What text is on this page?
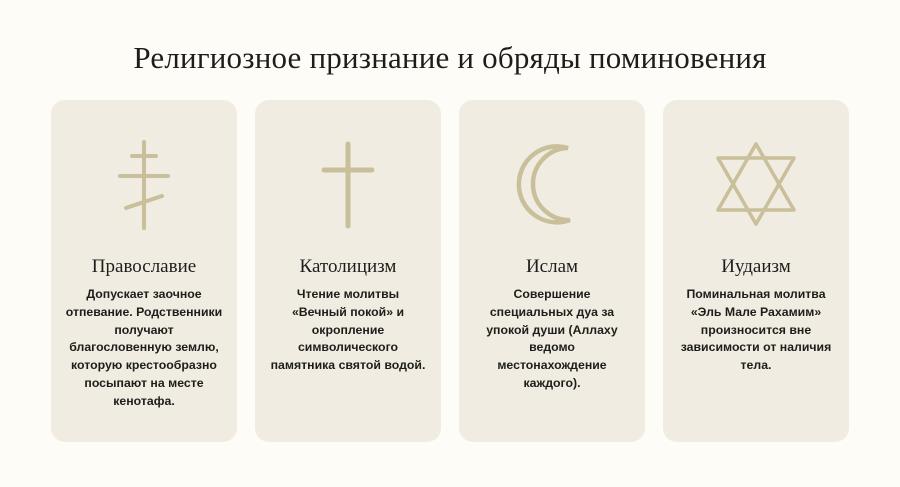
Религиозное признание и обряды поминовения
Православие
Допускает заочное отпевание. Родственники получают благословенную землю, которую крестообразно посыпают на месте кенотафа.
Католицизм
Чтение молитвы «Вечный покой» и окропление символического памятника святой водой.
Ислам
Совершение специальных дуа за упокой души (Аллаху ведомо местонахождение каждого).
Иудаизм
Поминальная молитва «Эль Мале Рахамим» произносится вне зависимости от наличия тела.
